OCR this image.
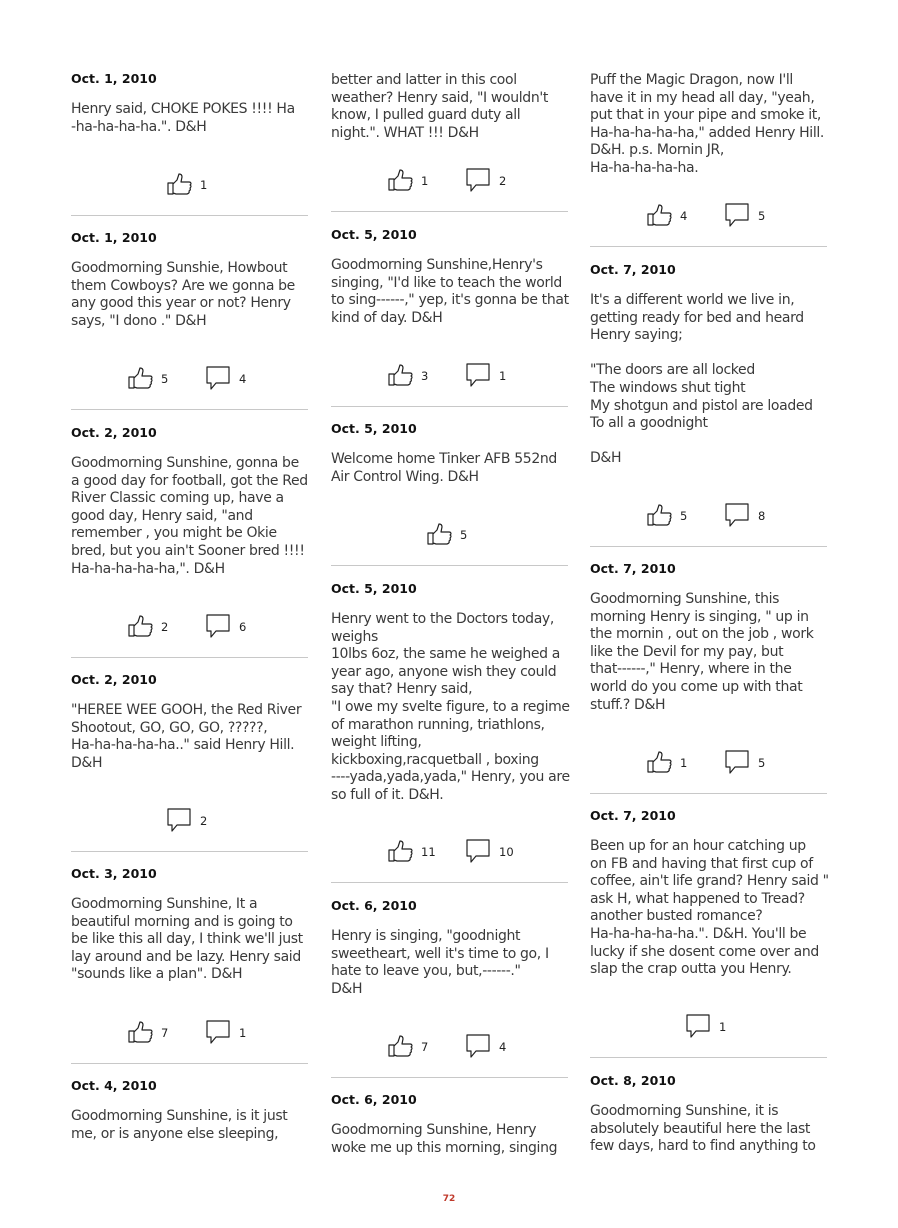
Oct. 1, 2010
Henry said, CHOKE POKES !!!! Ha
-ha-ha-ha-ha.". D&H
1
Oct. 1, 2010
Goodmorning Sunshie, Howbout
them Cowboys? Are we gonna be
any good this year or not? Henry
says, "I dono ." D&H
5	4
Oct. 2, 2010
Goodmorning Sunshine, gonna be
a good day for football, got the Red
River Classic coming up, have a
good day, Henry said, "and
remember , you might be Okie
bred, but you ain't Sooner bred !!!!
Ha-ha-ha-ha-ha,". D&H
2	6
Oct. 2, 2010
"HEREE WEE GOOH, the Red River
Shootout, GO, GO, GO, ?????,
Ha-ha-ha-ha-ha.." said Henry Hill.
D&H
2
Oct. 3, 2010
Goodmorning Sunshine, It a
beautiful morning and is going to
be like this all day, I think we'll just
lay around and be lazy. Henry said
"sounds like a plan". D&H
7	1
Oct. 4, 2010
Goodmorning Sunshine, is it just
me, or is anyone else sleeping,
better and latter in this cool
weather? Henry said, "I wouldn't
know, I pulled guard duty all
night.". WHAT !!! D&H
1	2
Oct. 5, 2010
Goodmorning Sunshine,Henry's
singing, "I'd like to teach the world
to sing------," yep, it's gonna be that
kind of day. D&H
3	1
Oct. 5, 2010
Welcome home Tinker AFB 552nd
Air Control Wing. D&H
5
Oct. 5, 2010
Henry went to the Doctors today,
weighs
10lbs 6oz, the same he weighed a
year ago, anyone wish they could
say that? Henry said,
"I owe my svelte figure, to a regime
of marathon running, triathlons,
weight lifting,
kickboxing,racquetball , boxing
----yada,yada,yada," Henry, you are
so full of it. D&H.
11	10
Oct. 6, 2010
Henry is singing, "goodnight
sweetheart, well it's time to go, I
hate to leave you, but,------."
D&H
7	4
Oct. 6, 2010
Goodmorning Sunshine, Henry
woke me up this morning, singing
Puff the Magic Dragon, now I'll
have it in my head all day, "yeah,
put that in your pipe and smoke it,
Ha-ha-ha-ha-ha," added Henry Hill.
D&H. p.s. Mornin JR,
Ha-ha-ha-ha-ha.
4	5
Oct. 7, 2010
It's a different world we live in,
getting ready for bed and heard
Henry saying;

"The doors are all locked
The windows shut tight
My shotgun and pistol are loaded
To all a goodnight

D&H
5	8
Oct. 7, 2010
Goodmorning Sunshine, this
morning Henry is singing, " up in
the mornin , out on the job , work
like the Devil for my pay, but
that------," Henry, where in the
world do you come up with that
stuff.? D&H
1	5
Oct. 7, 2010
Been up for an hour catching up
on FB and having that first cup of
coffee, ain't life grand? Henry said "
ask H, what happened to Tread?
another busted romance?
Ha-ha-ha-ha-ha.". D&H. You'll be
lucky if she dosent come over and
slap the crap outta you Henry.
1
Oct. 8, 2010
Goodmorning Sunshine, it is
absolutely beautiful here the last
few days, hard to find anything to
72
